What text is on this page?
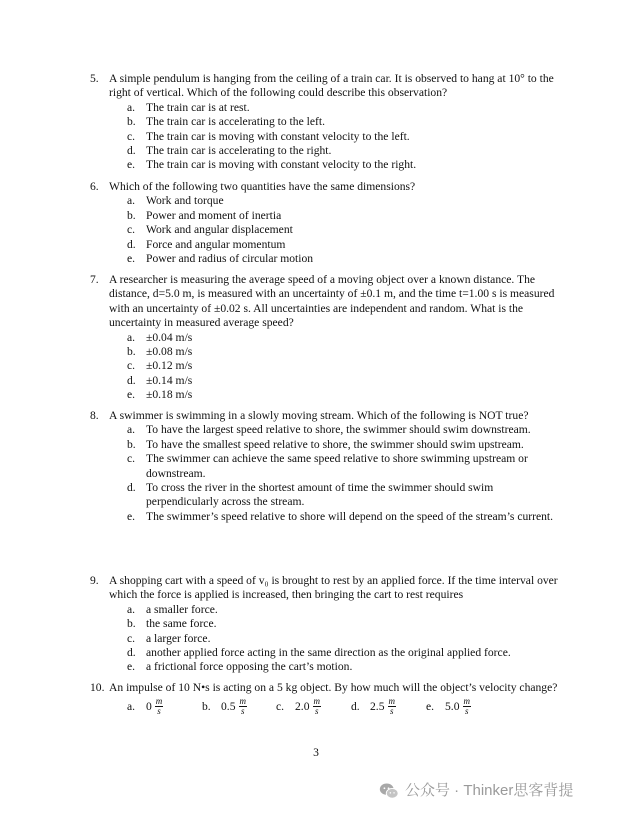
5. A simple pendulum is hanging from the ceiling of a train car. It is observed to hang at 10° to the right of vertical. Which of the following could describe this observation?
a. The train car is at rest.
b. The train car is accelerating to the left.
c. The train car is moving with constant velocity to the left.
d. The train car is accelerating to the right.
e. The train car is moving with constant velocity to the right.
6. Which of the following two quantities have the same dimensions?
a. Work and torque
b. Power and moment of inertia
c. Work and angular displacement
d. Force and angular momentum
e. Power and radius of circular motion
7. A researcher is measuring the average speed of a moving object over a known distance. The distance, d=5.0 m, is measured with an uncertainty of ±0.1 m, and the time t=1.00 s is measured with an uncertainty of ±0.02 s. All uncertainties are independent and random. What is the uncertainty in measured average speed?
a. ±0.04 m/s
b. ±0.08 m/s
c. ±0.12 m/s
d. ±0.14 m/s
e. ±0.18 m/s
8. A swimmer is swimming in a slowly moving stream. Which of the following is NOT true?
a. To have the largest speed relative to shore, the swimmer should swim downstream.
b. To have the smallest speed relative to shore, the swimmer should swim upstream.
c. The swimmer can achieve the same speed relative to shore swimming upstream or downstream.
d. To cross the river in the shortest amount of time the swimmer should swim perpendicularly across the stream.
e. The swimmer’s speed relative to shore will depend on the speed of the stream’s current.
9. A shopping cart with a speed of v₀ is brought to rest by an applied force. If the time interval over which the force is applied is increased, then bringing the cart to rest requires
a. a smaller force.
b. the same force.
c. a larger force.
d. another applied force acting in the same direction as the original applied force.
e. a frictional force opposing the cart’s motion.
10. An impulse of 10 N•s is acting on a 5 kg object. By how much will the object’s velocity change?
a. $0 \frac{m}{s}$	b. $0.5 \frac{m}{s}$	c. $2.0 \frac{m}{s}$	d. $2.5 \frac{m}{s}$	e. $5.0 \frac{m}{s}$
3
公众号 · Thinker思客背提
